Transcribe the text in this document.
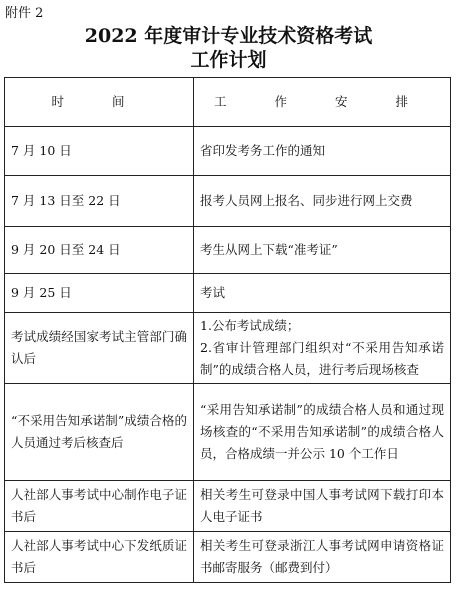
附件 2
2022 年度审计专业技术资格考试
工作计划
时 间	工 作 安 排
7 月 10 日	省印发考务工作的通知

7 月 13 日至 22 日	报考人员网上报名、同步进行网上交费

9 月 20 日至 24 日	考生从网上下载“准考证”

9 月 25 日	考试

考试成绩经国家考试主管部门确认后	1.公布考试成绩；
2.省审计管理部门组织对“不采用告知承诺制”的成绩合格人员，进行考后现场核查

“不采用告知承诺制”成绩合格的人员通过考后核查后	“采用告知承诺制”的成绩合格人员和通过现场核查的“不采用告知承诺制”的成绩合格人员，合格成绩一并公示 10 个工作日

人社部人事考试中心制作电子证书后	相关考生可登录中国人事考试网下载打印本人电子证书

人社部人事考试中心下发纸质证书后	相关考生可登录浙江人事考试网申请资格证书邮寄服务（邮费到付）
